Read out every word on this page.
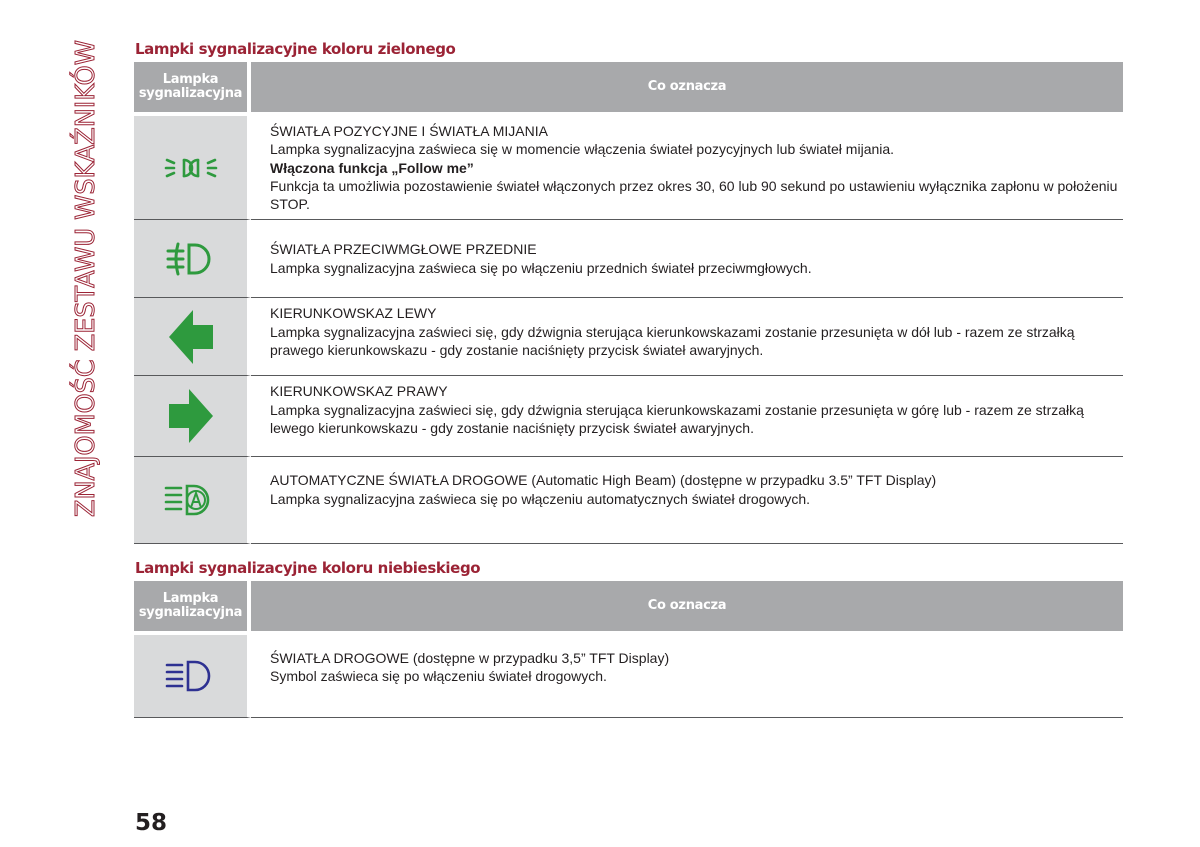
ZNAJOMOŚĆ ZESTAWU WSKAŹNIKÓW Lampki sygnalizacyjne koloru zielonego
Lampka
sygnalizacyjna	Co oznacza

ŚWIATŁA POZYCYJNE I ŚWIATŁA MIJANIA
Lampka sygnalizacyjna zaświeca się w momencie włączenia świateł pozycyjnych lub świateł mijania.
Włączona funkcja „Follow me”
Funkcja ta umożliwia pozostawienie świateł włączonych przez okres 30, 60 lub 90 sekund po ustawieniu wyłącznika zapłonu w położeniu STOP.

ŚWIATŁA PRZECIWMGŁOWE PRZEDNIE
Lampka sygnalizacyjna zaświeca się po włączeniu przednich świateł przeciwmgłowych.

KIERUNKOWSKAZ LEWY
Lampka sygnalizacyjna zaświeci się, gdy dźwignia sterująca kierunkowskazami zostanie przesunięta w dół lub - razem ze strzałką prawego kierunkowskazu - gdy zostanie naciśnięty przycisk świateł awaryjnych.

KIERUNKOWSKAZ PRAWY
Lampka sygnalizacyjna zaświeci się, gdy dźwignia sterująca kierunkowskazami zostanie przesunięta w górę lub - razem ze strzałką lewego kierunkowskazu - gdy zostanie naciśnięty przycisk świateł awaryjnych.

AUTOMATYCZNE ŚWIATŁA DROGOWE (Automatic High Beam) (dostępne w przypadku 3.5” TFT Display)
Lampka sygnalizacyjna zaświeca się po włączeniu automatycznych świateł drogowych.
Lampki sygnalizacyjne koloru niebieskiego
Lampka
sygnalizacyjna	Co oznacza

ŚWIATŁA DROGOWE (dostępne w przypadku 3,5” TFT Display)
Symbol zaświeca się po włączeniu świateł drogowych.
58
